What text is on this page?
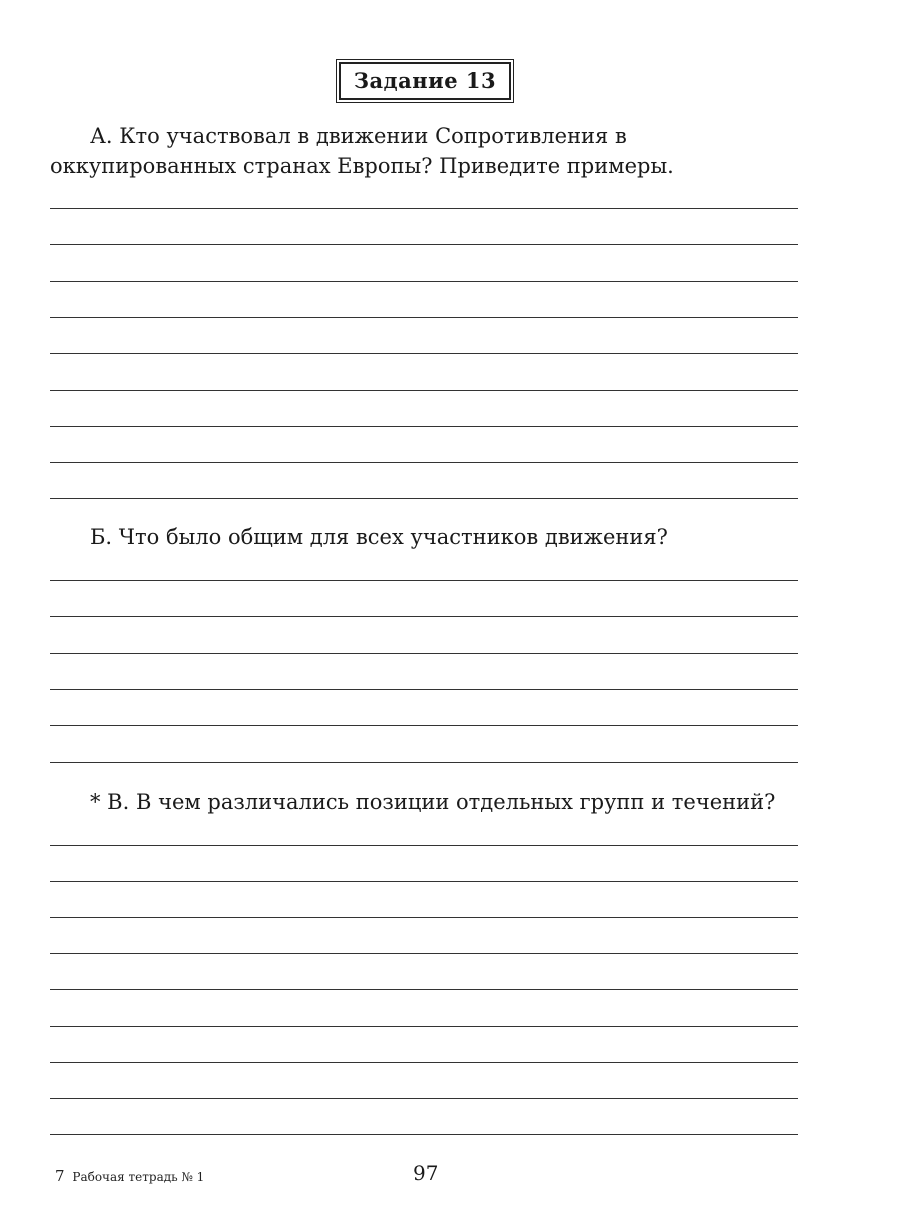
Задание 13
А. Кто участвовал в движении Сопротивления в оккупированных странах Европы? Приведите примеры.
Б. Что было общим для всех участников движения?
* В. В чем различались позиции отдельных групп и течений?
7 Рабочая тетрадь № 1	97
